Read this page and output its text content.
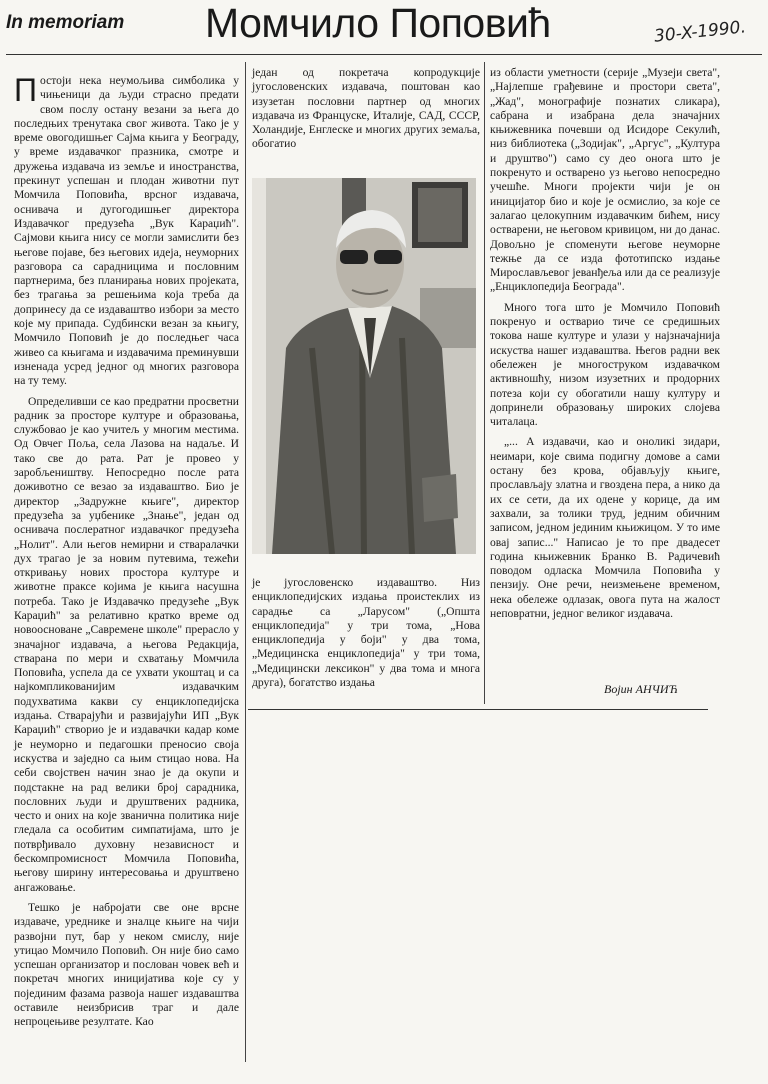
In memoriam Момчило Поповић	30-X-1990.

Постоји нека неумољива симболика у чињеници да људи страсно предати свом послу остану везани за њега до последњих тренутака свог живота. Тако је у време овогодишњег Сајма књига у Београду, у време издавачког празника, смотре и дружења издавача из земље и иностранства, прекинут успешан и плодан животни пут Момчила Поповића, врсног издавача, оснивача и дугогодишњег директора Издавачког предузећа „Вук Караџић". Сајмови књига нису се могли замислити без његове појаве, без његових идеја, неуморних разговора са сарадницима и пословним партнерима, без планирања нових пројеката, без трагања за решењима која треба да допринесу да се издаваштво избори за место које му припада. Судбински везан за књигу, Момчило Поповић је до последњег часа живео са књигама и издавачима преминувши изненада усред једног од многих разговора на ту тему.

Определивши се као предратни просветни радник за просторе културе и образовања, службовао је као учитељ у многим местима. Од Овчег Поља, села Лазова на надаље. И тако све до рата. Рат је провео у заробљеништву. Непосредно после рата доживотно се везао за издаваштво. Био је директор „Задружне књиге", директор предузећа за уџбенике „Знање", један од оснивача послератног издавачког предузећа „Нолит". Али његов немирни и стваралачки дух трагао је за новим путевима, тежећи откривању нових простора културе и животне праксе којима је књига насушна потреба. Тако је Издавачко предузеће „Вук Караџић" за релативно кратко време од новоосноване „Савремене школе" прерасло у значајног издавача, а његова Редакција, стварана по мери и схватању Момчила Поповића, успела да се ухвати укоштац и са најкомпликованијим издавачким подухватима какви су енциклопедијска издања. Стварајући и развијајући ИП „Вук Караџић" створио је и издавачки кадар коме је неуморно и педагошки преносио своја искуства и заједно са њим стицао нова. На себи својствен начин знао је да окупи и подстакне на рад велики број сарадника, пословних људи и друштвених радника, често и оних на које званична политика није гледала са особитим симпатијама, што је потврђивало духовну независност и бескомпромисност Момчила Поповића, његову ширину интересовања и друштвено ангажовање.

Тешко је набројати све оне врсне издаваче, уреднике и зналце књиге на чији развојни пут, бар у неком смислу, није утицао Момчило Поповић. Он није био само успешан организатор и послован човек већ и покретач многих иницијатива које су у појединим фазама развоја нашег издаваштва оставиле неизбрисив траг и дале непроцењиве резултате. Као

један од покретача копродукције југословенских издавача, поштован као изузетан пословни партнер од многих издавача из Француске, Италије, САД, СССР, Холандије, Енглеске и многих других земаља, обогатио

је југословенско издаваштво. Низ енциклопедијских издања проистеклих из сарадње са „Ларусом" („Општа енциклопедија" у три тома, „Нова енциклопедија у боји" у два тома, „Медицинска енциклопедија" у три тома, „Медицински лексикон" у два тома и многа друга), богатство издања

из области уметности (серије „Музеји света", „Најлепше грађевине и простори света", „Жад", монографије познатих сликара), сабрана и изабрана дела значајних књижевника почевши од Исидоре Секулић, низ библиотека („Зодијак", „Аргус", „Култура и друштво") само су део онога што је покренуто и остварено уз његово непосредно учешће. Многи пројекти чији је он иницијатор био и које је осмислио, за које се залагао целокупним издавачким бићем, нису остварени, не његовом кривицом, ни до данас. Довољно је споменути његове неуморне тежње да се изда фототипско издање Мирослављевог јеванђеља или да се реализује „Енциклопедија Београда".

Много тога што је Момчило Поповић покренуо и остварио тиче се средишњих токова наше културе и улази у најзначајнија искуства нашег издаваштва. Његов радни век обележен је многоструком издавачком активношћу, низом изузетних и продорних потеза који су обогатили нашу културу и допринели образовању широких слојева читалаца.

„... А издавачи, као и оноликi зидари, неимари, које свима подигну домове а сами остану без крова, објављују књиге, прослављају златна и гвоздена пера, а нико да их се сети, да их одене у корице, да им захвали, за толики труд, једним обичним записом, једном јединим књижицом. У то име овај запис..." Написао је то пре двадесет година књижевник Бранко В. Радичевић поводом одласка Момчила Поповића у пензију. Оне речи, неизмењене временом, нека обележе одлазак, овога пута на жалост неповратни, једног великог издавача.

Војин АНЧИЋ
